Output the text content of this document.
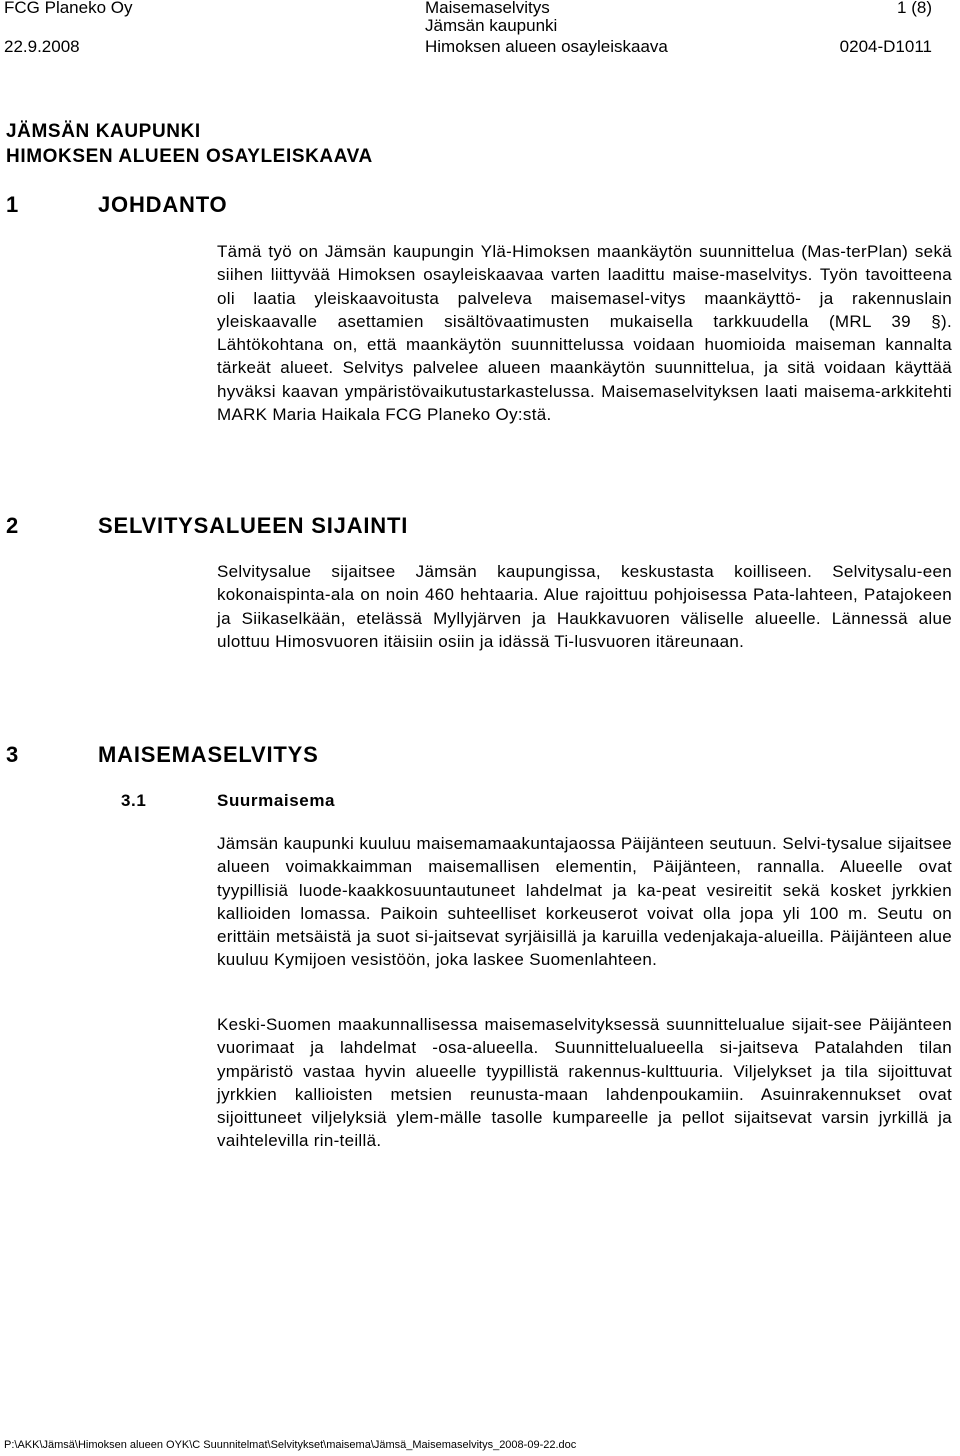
FCG Planeko Oy	Maisemaselvitys	1 (8)
Jämsän kaupunki
22.9.2008	Himoksen alueen osayleiskaava	0204-D1011
JÄMSÄN KAUPUNKI
HIMOKSEN ALUEEN OSAYLEISKAAVA
1	JOHDANTO

Tämä työ on Jämsän kaupungin Ylä-Himoksen maankäytön suunnittelua (Mas-terPlan) sekä siihen liittyvää Himoksen osayleiskaavaa varten laadittu maise-maselvitys. Työn tavoitteena oli laatia yleiskaavoitusta palveleva maisemasel-vitys maankäyttö- ja rakennuslain yleiskaavalle asettamien sisältövaatimusten mukaisella tarkkuudella (MRL 39 §). Lähtökohtana on, että maankäytön suunnittelussa voidaan huomioida maiseman kannalta tärkeät alueet. Selvitys palvelee alueen maankäytön suunnittelua, ja sitä voidaan käyttää hyväksi kaavan ympäristövaikutustarkastelussa. Maisemaselvityksen laati maisema-arkkitehti MARK Maria Haikala FCG Planeko Oy:stä.

2	SELVITYSALUEEN SIJAINTI

Selvitysalue sijaitsee Jämsän kaupungissa, keskustasta koilliseen. Selvitysalu-een kokonaispinta-ala on noin 460 hehtaaria. Alue rajoittuu pohjoisessa Pata-lahteen, Patajokeen ja Siikaselkään, etelässä Myllyjärven ja Haukkavuoren väliselle alueelle. Lännessä alue ulottuu Himosvuoren itäisiin osiin ja idässä Ti-lusvuoren itäreunaan.

3	MAISEMASELVITYS
3.1	Suurmaisema

Jämsän kaupunki kuuluu maisemamaakuntajaossa Päijänteen seutuun. Selvi-tysalue sijaitsee alueen voimakkaimman maisemallisen elementin, Päijänteen, rannalla. Alueelle ovat tyypillisiä luode-kaakkosuuntautuneet lahdelmat ja ka-peat vesireitit sekä kosket jyrkkien kallioiden lomassa. Paikoin suhteelliset korkeuserot voivat olla jopa yli 100 m. Seutu on erittäin metsäistä ja suot si-jaitsevat syrjäisillä ja karuilla vedenjakaja-alueilla. Päijänteen alue kuuluu Kymijoen vesistöön, joka laskee Suomenlahteen.

Keski-Suomen maakunnallisessa maisemaselvityksessä suunnittelualue sijait-see Päijänteen vuorimaat ja lahdelmat -osa-alueella. Suunnittelualueella si-jaitseva Patalahden tilan ympäristö vastaa hyvin alueelle tyypillistä rakennus-kulttuuria. Viljelykset ja tila sijoittuvat jyrkkien kallioisten metsien reunusta-maan lahdenpoukamiin. Asuinrakennukset ovat sijoittuneet viljelyksiä ylem-mälle tasolle kumpareelle ja pellot sijaitsevat varsin jyrkillä ja vaihtelevilla rin-teillä.

P:\AKK\Jämsä\Himoksen alueen OYK\C Suunnitelmat\Selvitykset\maisema\Jämsä_Maisemaselvitys_2008-09-22.doc
